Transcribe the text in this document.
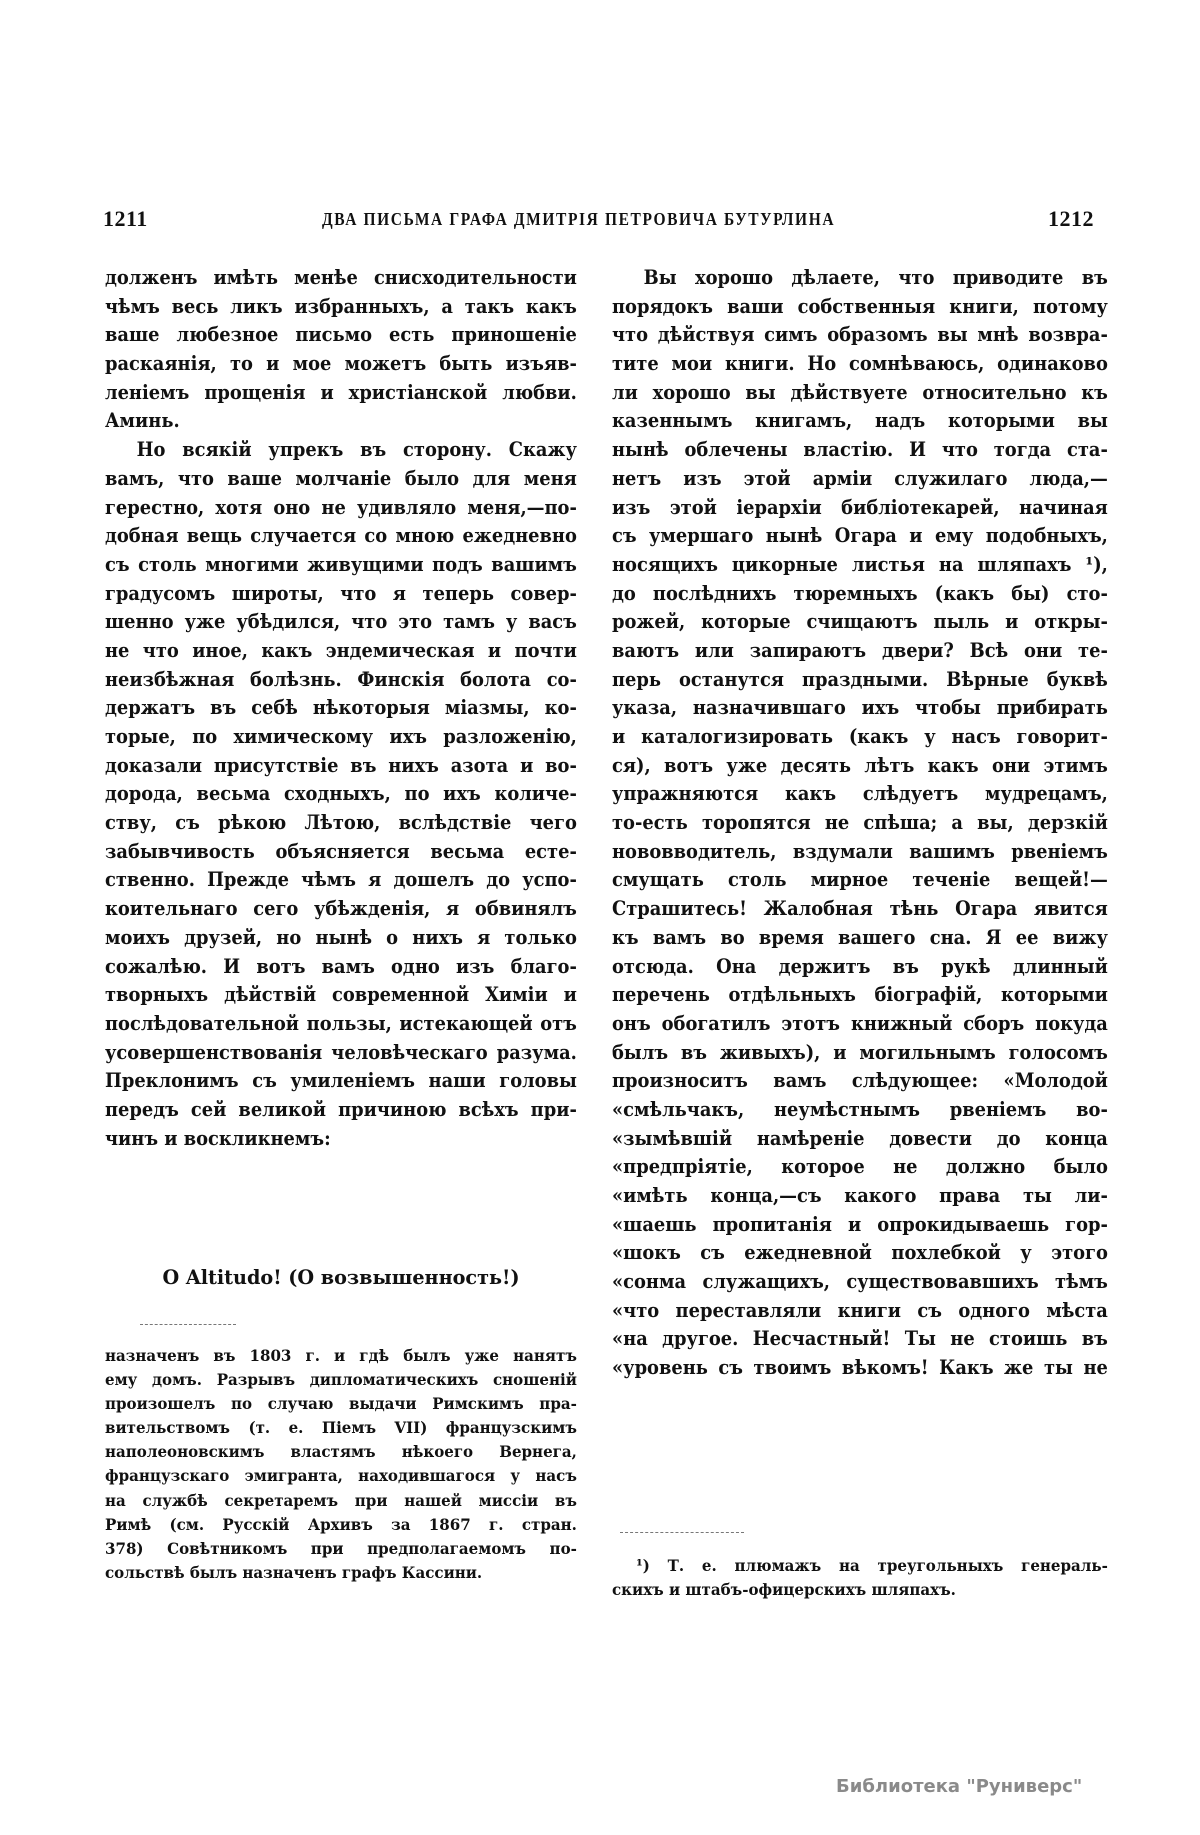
1211	ДВА ПИСЬМА ГРАФА ДМИТРІЯ ПЕТРОВИЧА БУТУРЛИНА	1212
долженъ имѣть менѣе снисходительности
чѣмъ весь ликъ избранныхъ, а такъ какъ
ваше любезное письмо есть приношеніе
раскаянія, то и мое можетъ быть изъяв-
леніемъ прощенія и христіанской любви.
Аминь.
Но всякій упрекъ въ сторону. Скажу
вамъ, что ваше молчаніе было для меня
герестно, хотя оно не удивляло меня,—по-
добная вещь случается со мною ежедневно
съ столь многими живущими подъ вашимъ
градусомъ широты, что я теперь совер-
шенно уже убѣдился, что это тамъ у васъ
не что иное, какъ эндемическая и почти
неизбѣжная болѣзнь. Финскія болота со-
держатъ въ себѣ нѣкоторыя міазмы, ко-
торые, по химическому ихъ разложенію,
доказали присутствіе въ нихъ азота и во-
дорода, весьма сходныхъ, по ихъ количе-
ству, съ рѣкою Лѣтою, вслѣдствіе чего
забывчивость объясняется весьма есте-
ственно. Прежде чѣмъ я дошелъ до успо-
коительнаго сего убѣжденія, я обвинялъ
моихъ друзей, но нынѣ о нихъ я только
сожалѣю. И вотъ вамъ одно изъ благо-
творныхъ дѣйствій современной Химіи и
послѣдовательной пользы, истекающей отъ
усовершенствованія человѣческаго разума.
Преклонимъ съ умиленіемъ наши головы
передъ сей великой причиною всѣхъ при-
чинъ и воскликнемъ:
O Altitudo! (О возвышенность!)
назначенъ въ 1803 г. и гдѣ былъ уже нанятъ
ему домъ. Разрывъ дипломатическихъ сношеній
произошелъ по случаю выдачи Римскимъ пра-
вительствомъ (т. е. Піемъ VII) французскимъ
наполеоновскимъ властямъ нѣкоего Вернега,
французскаго эмигранта, находившагося у насъ
на службѣ секретаремъ при нашей миссіи въ
Римѣ (см. Русскій Архивъ за 1867 г. стран.
378) Совѣтникомъ при предполагаемомъ по-
сольствѣ былъ назначенъ графъ Кассини.
Вы хорошо дѣлаете, что приводите въ
порядокъ ваши собственныя книги, потому
что дѣйствуя симъ образомъ вы мнѣ возвра-
тите мои книги. Но сомнѣваюсь, одинаково
ли хорошо вы дѣйствуете относительно къ
казеннымъ книгамъ, надъ которыми вы
нынѣ облечены властію. И что тогда ста-
нетъ изъ этой арміи служилаго люда,—
изъ этой іерархіи библіотекарей, начиная
съ умершаго нынѣ Огара и ему подобныхъ,
носящихъ цикорные листья на шляпахъ ¹),
до послѣднихъ тюремныхъ (какъ бы) сто-
рожей, которые счищаютъ пыль и откры-
ваютъ или запираютъ двери? Всѣ они те-
перь останутся праздными. Вѣрные буквѣ
указа, назначившаго ихъ чтобы прибирать
и каталогизировать (какъ у насъ говорит-
ся), вотъ уже десять лѣтъ какъ они этимъ
упражняются какъ слѣдуетъ мудрецамъ,
то-есть торопятся не спѣша; а вы, дерзкій
нововводитель, вздумали вашимъ рвеніемъ
смущать столь мирное теченіе вещей!—
Страшитесь! Жалобная тѣнь Огара явится
къ вамъ во время вашего сна. Я ее вижу
отсюда. Она держитъ въ рукѣ длинный
перечень отдѣльныхъ біографій, которыми
онъ обогатилъ этотъ книжный сборъ покуда
былъ въ живыхъ), и могильнымъ голосомъ
произноситъ вамъ слѣдующее: «Молодой
«смѣльчакъ, неумѣстнымъ рвеніемъ во-
«зымѣвшій намѣреніе довести до конца
«предпріятіе, которое не должно было
«имѣть конца,—съ какого права ты ли-
«шаешь пропитанія и опрокидываешь гор-
«шокъ съ ежедневной похлебкой у этого
«сонма служащихъ, существовавшихъ тѣмъ
«что переставляли книги съ одного мѣста
«на другое. Несчастный! Ты не стоишь въ
«уровень съ твоимъ вѣкомъ! Какъ же ты не
¹) Т. е. плюмажъ на треугольныхъ генераль-
скихъ и штабъ-офицерскихъ шляпахъ.
Библиотека "Руниверс"
